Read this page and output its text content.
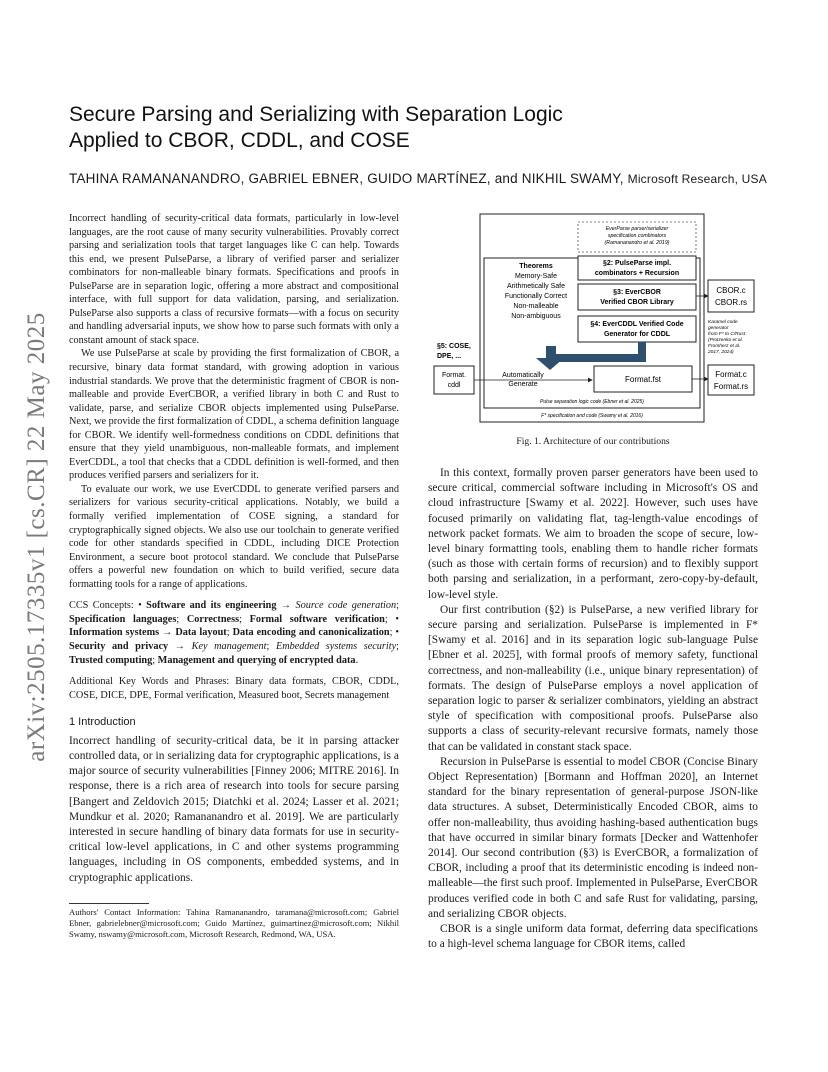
arXiv:2505.17335v1 [cs.CR] 22 May 2025
Secure Parsing and Serializing with Separation Logic
Applied to CBOR, CDDL, and COSE
TAHINA RAMANANANDRO, GABRIEL EBNER, GUIDO MARTÍNEZ, and NIKHIL SWAMY, Microsoft Research, USA

Incorrect handling of security-critical data formats, particularly in low-level languages, are the root cause of many security vulnerabilities. Provably correct parsing and serialization tools that target languages like C can help. Towards this end, we present PulseParse, a library of verified parser and serializer combinators for non-malleable binary formats. Specifications and proofs in PulseParse are in separation logic, offering a more abstract and compositional interface, with full support for data validation, parsing, and serialization. PulseParse also supports a class of recursive formats—with a focus on security and handling adversarial inputs, we show how to parse such formats with only a constant amount of stack space.

We use PulseParse at scale by providing the first formalization of CBOR, a recursive, binary data format standard, with growing adoption in various industrial standards. We prove that the deterministic fragment of CBOR is non-malleable and provide EverCBOR, a verified library in both C and Rust to validate, parse, and serialize CBOR objects implemented using PulseParse. Next, we provide the first formalization of CDDL, a schema definition language for CBOR. We identify well-formedness conditions on CDDL definitions that ensure that they yield unambiguous, non-malleable formats, and implement EverCDDL, a tool that checks that a CDDL definition is well-formed, and then produces verified parsers and serializers for it.

To evaluate our work, we use EverCDDL to generate verified parsers and serializers for various security-critical applications. Notably, we build a formally verified implementation of COSE signing, a standard for cryptographically signed objects. We also use our toolchain to generate verified code for other standards specified in CDDL, including DICE Protection Environment, a secure boot protocol standard. We conclude that PulseParse offers a powerful new foundation on which to build verified, secure data formatting tools for a range of applications.

CCS Concepts: • Software and its engineering → Source code generation; Specification languages; Correctness; Formal software verification; • Information systems → Data layout; Data encoding and canonicalization; • Security and privacy → Key management; Embedded systems security; Trusted computing; Management and querying of encrypted data.

Additional Key Words and Phrases: Binary data formats, CBOR, CDDL, COSE, DICE, DPE, Formal verification, Measured boot, Secrets management

1 Introduction

Incorrect handling of security-critical data, be it in parsing attacker controlled data, or in serializing data for cryptographic applications, is a major source of security vulnerabilities [Finney 2006; MITRE 2016]. In response, there is a rich area of research into tools for secure parsing [Bangert and Zeldovich 2015; Diatchki et al. 2024; Lasser et al. 2021; Mundkur et al. 2020; Ramananandro et al. 2019]. We are particularly interested in secure handling of binary data formats for use in security-critical low-level applications, in C and other systems programming languages, including in OS components, embedded systems, and in cryptographic applications.

Authors' Contact Information: Tahina Ramananandro, taramana@microsoft.com; Gabriel Ebner, gabrielebner@microsoft.com; Guido Martínez, guimartinez@microsoft.com; Nikhil Swamy, nswamy@microsoft.com, Microsoft Research, Redmond, WA, USA.
EverParse parser/serializer
specification combinators
(Ramananandro et al. 2019)
Theorems
Memory-Safe
Arithmetically Safe
Functionally Correct
Non-malleable
Non-ambiguous
§2: PulseParse impl.
combinators + Recursion
§3: EverCBOR
Verified CBOR Library
§4: EverCDDL Verified Code
Generator for CDDL
CBOR.c
CBOR.rs
Karamel code
generator
from F* to C/Rust
(Protzenko et al.
Fromherz et al.
2017, 2024)
§5: COSE,
DPE, ...
Format.
cddl
Automatically
Generate
Format.fst
Format.c
Format.rs
Pulse separation logic code (Ebner et al. 2025)
F* specification and code (Swamy et al. 2016)
Fig. 1. Architecture of our contributions

In this context, formally proven parser generators have been used to secure critical, commercial software including in Microsoft's OS and cloud infrastructure [Swamy et al. 2022]. However, such uses have focused primarily on validating flat, tag-length-value encodings of network packet formats. We aim to broaden the scope of secure, low-level binary formatting tools, enabling them to handle richer formats (such as those with certain forms of recursion) and to flexibly support both parsing and serialization, in a performant, zero-copy-by-default, low-level style.

Our first contribution (§2) is PulseParse, a new verified library for secure parsing and serialization. PulseParse is implemented in F* [Swamy et al. 2016] and in its separation logic sub-language Pulse [Ebner et al. 2025], with formal proofs of memory safety, functional correctness, and non-malleability (i.e., unique binary representation) of formats. The design of PulseParse employs a novel application of separation logic to parser & serializer combinators, yielding an abstract style of specification with compositional proofs. PulseParse also supports a class of security-relevant recursive formats, namely those that can be validated in constant stack space.

Recursion in PulseParse is essential to model CBOR (Concise Binary Object Representation) [Bormann and Hoffman 2020], an Internet standard for the binary representation of general-purpose JSON-like data structures. A subset, Deterministically Encoded CBOR, aims to offer non-malleability, thus avoiding hashing-based authentication bugs that have occurred in similar binary formats [Decker and Wattenhofer 2014]. Our second contribution (§3) is EverCBOR, a formalization of CBOR, including a proof that its deterministic encoding is indeed non-malleable—the first such proof. Implemented in PulseParse, EverCBOR produces verified code in both C and safe Rust for validating, parsing, and serializing CBOR objects.

CBOR is a single uniform data format, deferring data specifications to a high-level schema language for CBOR items, called
